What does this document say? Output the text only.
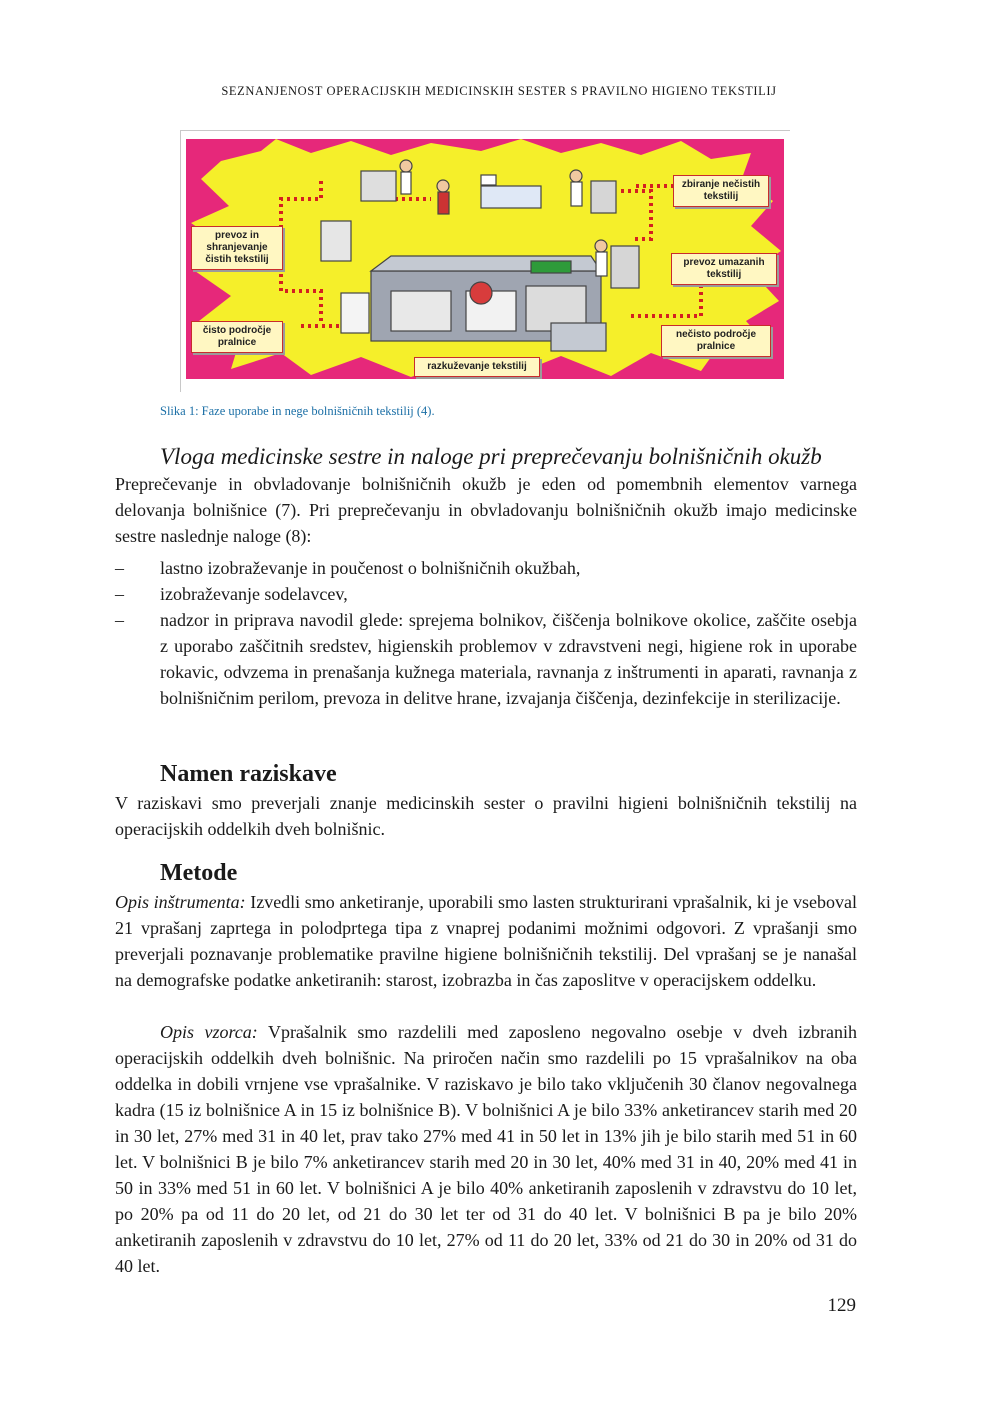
SEZNANJENOST OPERACIJSKIH MEDICINSKIH SESTER S PRAVILNO HIGIENO TEKSTILIJ
prevoz in shranjevanje čistih tekstilij
čisto področje pralnice
razkuževanje tekstilij
zbiranje nečistih tekstilij
prevoz umazanih tekstilij
nečisto področje pralnice
Slika 1: Faze uporabe in nege bolnišničnih tekstilij (4).
Vloga medicinske sestre in naloge pri preprečevanju bolnišničnih okužb

Preprečevanje in obvladovanje bolnišničnih okužb je eden od pomembnih elementov varnega delovanja bolnišnice (7). Pri preprečevanju in obvladovanju bolnišničnih okužb imajo medicinske sestre naslednje naloge (8):

– lastno izobraževanje in poučenost o bolnišničnih okužbah,
– izobraževanje sodelavcev,
– nadzor in priprava navodil glede: sprejema bolnikov, čiščenja bolnikove okolice, zaščite osebja z uporabo zaščitnih sredstev, higienskih problemov v zdravstveni negi, higiene rok in uporabe rokavic, odvzema in prenašanja kužnega materiala, ravnanja z inštrumenti in aparati, ravnanja z bolnišničnim perilom, prevoza in delitve hrane, izvajanja čiščenja, dezinfekcije in sterilizacije.
Namen raziskave

V raziskavi smo preverjali znanje medicinskih sester o pravilni higieni bolnišničnih tekstilij na operacijskih oddelkih dveh bolnišnic.

Metode

Opis inštrumenta: Izvedli smo anketiranje, uporabili smo lasten strukturirani vprašalnik, ki je vseboval 21 vprašanj zaprtega in polodprtega tipa z vnaprej podanimi možnimi odgovori. Z vprašanji smo preverjali poznavanje problematike pravilne higiene bolnišničnih tekstilij. Del vprašanj se je nanašal na demografske podatke anketiranih: starost, izobrazba in čas zaposlitve v operacijskem oddelku.

Opis vzorca: Vprašalnik smo razdelili med zaposleno negovalno osebje v dveh izbranih operacijskih oddelkih dveh bolnišnic. Na priročen način smo razdelili po 15 vprašalnikov na oba oddelka in dobili vrnjene vse vprašalnike. V raziskavo je bilo tako vključenih 30 članov negovalnega kadra (15 iz bolnišnice A in 15 iz bolnišnice B). V bolnišnici A je bilo 33% anketirancev starih med 20 in 30 let, 27% med 31 in 40 let, prav tako 27% med 41 in 50 let in 13% jih je bilo starih med 51 in 60 let. V bolnišnici B je bilo 7% anketirancev starih med 20 in 30 let, 40% med 31 in 40, 20% med 41 in 50 in 33% med 51 in 60 let. V bolnišnici A je bilo 40% anketiranih zaposlenih v zdravstvu do 10 let, po 20% pa od 11 do 20 let, od 21 do 30 let ter od 31 do 40 let. V bolnišnici B pa je bilo 20% anketiranih zaposlenih v zdravstvu do 10 let, 27% od 11 do 20 let, 33% od 21 do 30 in 20% od 31 do 40 let.

129
